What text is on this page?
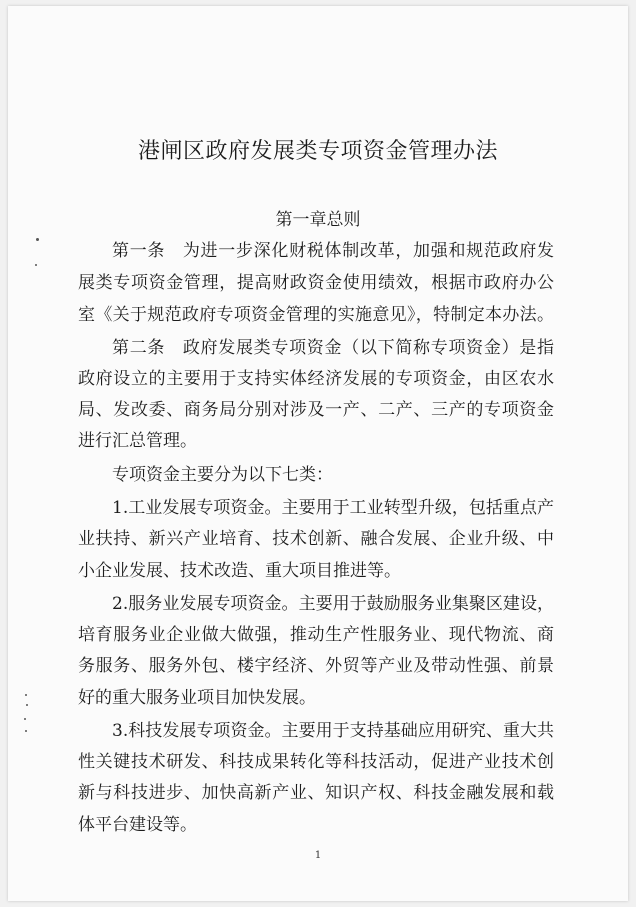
港闸区政府发展类专项资金管理办法
第一章总则

第一条　为进一步深化财税体制改革，加强和规范政府发

展类专项资金管理，提高财政资金使用绩效，根据市政府办公

室《关于规范政府专项资金管理的实施意见》，特制定本办法。

第二条　政府发展类专项资金（以下简称专项资金）是指

政府设立的主要用于支持实体经济发展的专项资金，由区农水

局、发改委、商务局分别对涉及一产、二产、三产的专项资金

进行汇总管理。

专项资金主要分为以下七类：

1.工业发展专项资金。主要用于工业转型升级，包括重点产

业扶持、新兴产业培育、技术创新、融合发展、企业升级、中

小企业发展、技术改造、重大项目推进等。

2.服务业发展专项资金。主要用于鼓励服务业集聚区建设，

培育服务业企业做大做强，推动生产性服务业、现代物流、商

务服务、服务外包、楼宇经济、外贸等产业及带动性强、前景

好的重大服务业项目加快发展。

3.科技发展专项资金。主要用于支持基础应用研究、重大共

性关键技术研发、科技成果转化等科技活动，促进产业技术创

新与科技进步、加快高新产业、知识产权、科技金融发展和载

体平台建设等。

1
